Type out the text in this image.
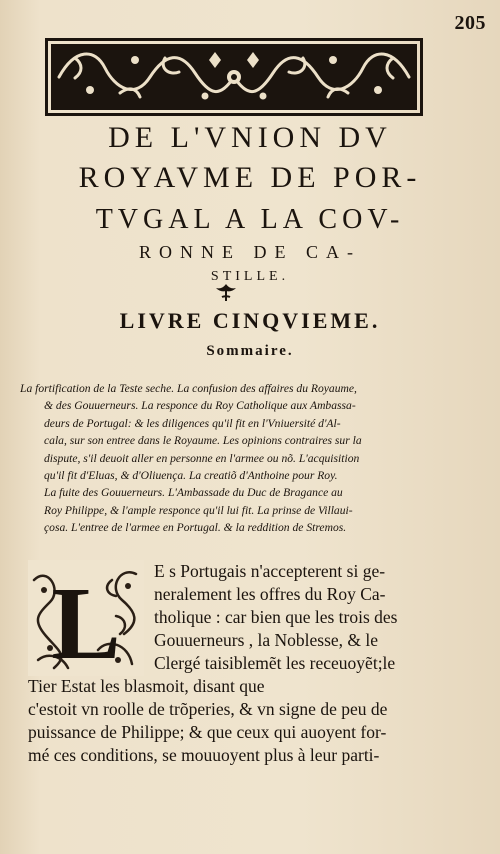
205
DE L'VNION DV
ROYAVME DE POR-
TVGAL A LA COV-
RONNE DE CA-
STILLE.
LIVRE CINQVIEME.
Sommaire.
La fortification de la Teste seche. La confusion des affaires du Royaume,
& des Gouuerneurs. La responce du Roy Catholique aux Ambassa-
deurs de Portugal: & les diligences qu'il fit en l'Vniuersité d'Al-
cala, sur son entree dans le Royaume. Les opinions contraires sur la
dispute, s'il deuoit aller en personne en l'armee ou nõ. L'acquisition
qu'il fit d'Eluas, & d'Oliuença. La creatiõ d'Anthoine pour Roy.
La fuite des Gouuerneurs. L'Ambassade du Duc de Bragance au
Roy Philippe, & l'ample responce qu'il lui fit. La prinse de Villaui-
çosa. L'entree de l'armee en Portugal. & la reddition de Stremos.
L	E s Portugais n'accepterent si ge-
neralement les offres du Roy Ca-
tholique : car bien que les trois des
Gouuerneurs , la Noblesse, & le
Clergé taisiblemẽt les receuoyẽt;le
Tier Estat les blasmoit, disant que
c'estoit vn roolle de trõperies, & vn signe de peu de
puissance de Philippe; & que ceux qui auoyent for-
mé ces conditions, se mouuoyent plus à leur parti-
